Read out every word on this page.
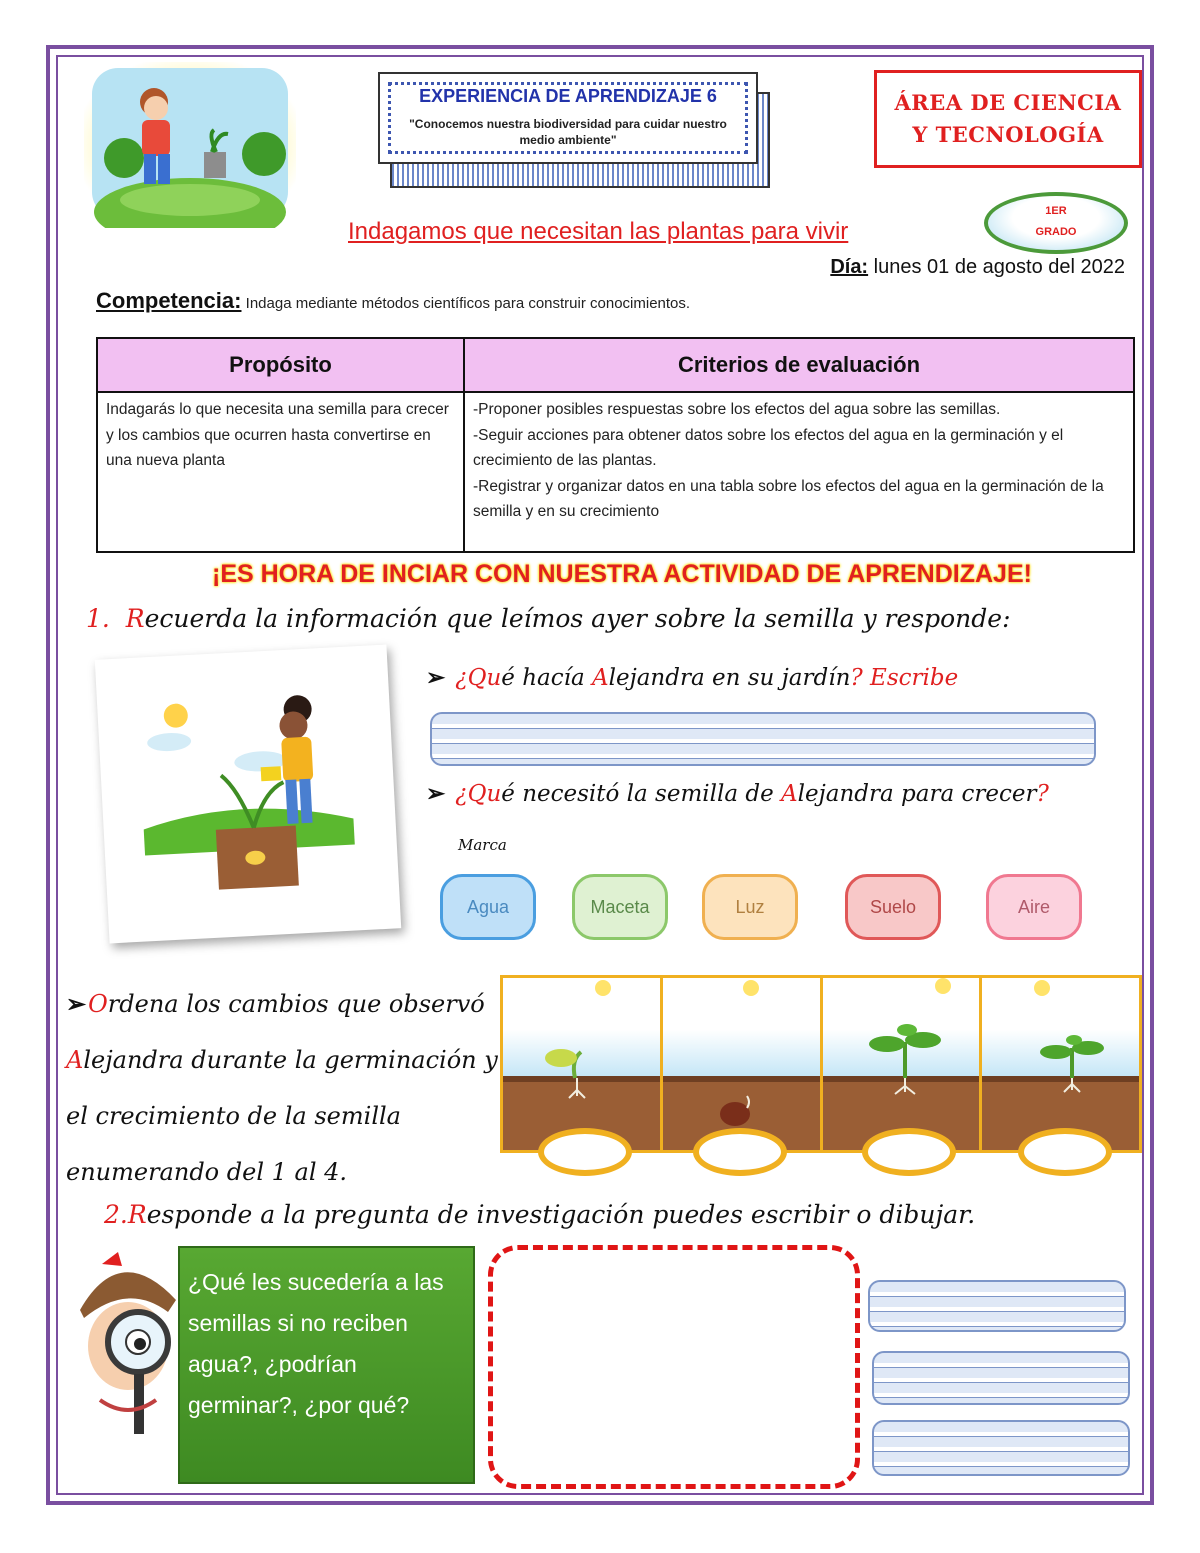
EXPERIENCIA DE APRENDIZAJE 6
"Conocemos nuestra biodiversidad para cuidar nuestro medio ambiente"
ÁREA DE CIENCIA
Y TECNOLOGÍA
1ER
GRADO
Indagamos que necesitan las plantas para vivir
Día: lunes 01 de agosto del 2022
Competencia: Indaga mediante métodos científicos para construir conocimientos.
Propósito	Criterios de evaluación
Indagarás lo que necesita una semilla para crecer y los cambios que ocurren hasta convertirse en una nueva planta	-Proponer posibles respuestas sobre los efectos del agua sobre las semillas.
-Seguir acciones para obtener datos sobre los efectos del agua en la germinación y el crecimiento de las plantas.
-Registrar y organizar datos en una tabla sobre los efectos del agua en la germinación de la semilla y en su crecimiento
¡ES HORA DE INCIAR CON NUESTRA ACTIVIDAD DE APRENDIZAJE!
1. Recuerda la información que leímos ayer sobre la semilla y responde:
➢ ¿Qué hacía Alejandra en su jardín? Escribe
➢ ¿Qué necesitó la semilla de Alejandra para crecer?
Marca
Agua	Maceta	Luz	Suelo	Aire
➢Ordena los cambios que observó
Alejandra durante la germinación y el crecimiento de la semilla enumerando del 1 al 4.
2.Responde a la pregunta de investigación puedes escribir o dibujar.
¿Qué les sucedería a las semillas si no reciben agua?, ¿podrían germinar?, ¿por qué?
